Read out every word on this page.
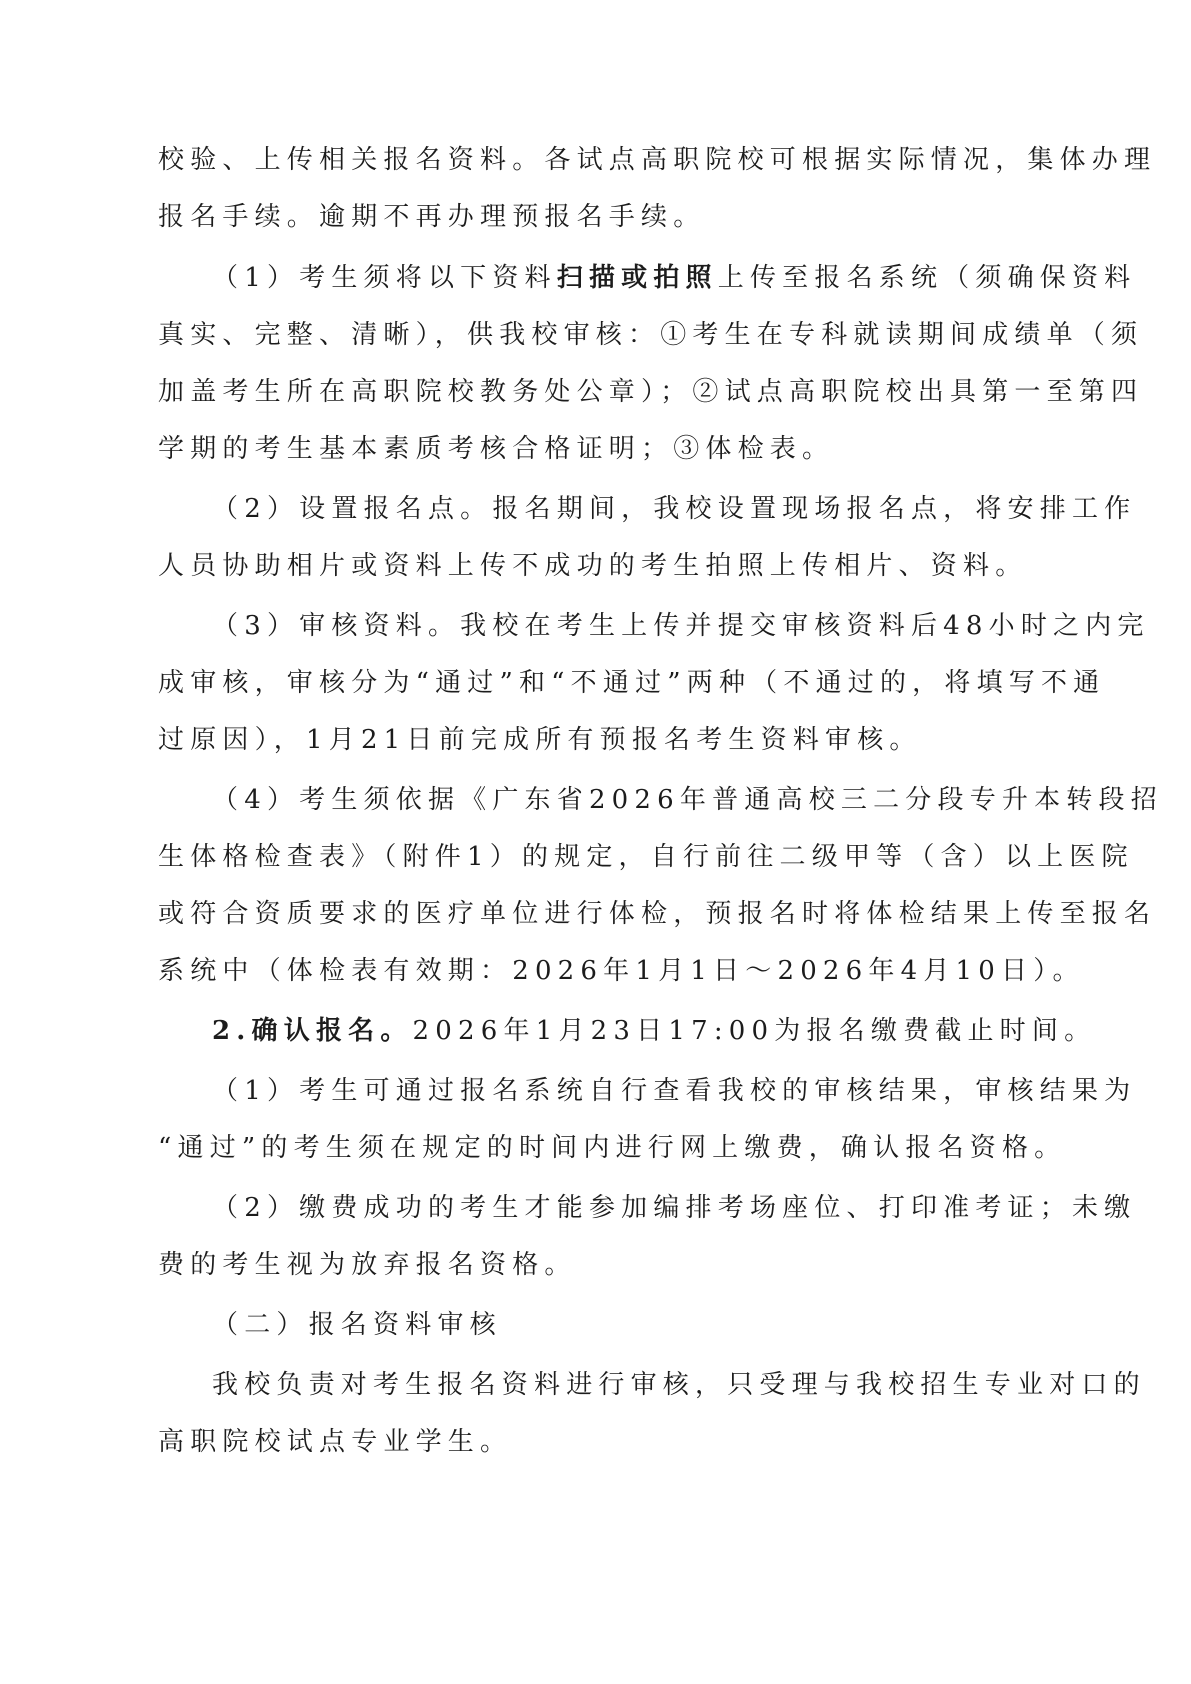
校验、上传相关报名资料。各试点高职院校可根据实际情况，集体办理
报名手续。逾期不再办理预报名手续。
（1）考生须将以下资料扫描或拍照上传至报名系统（须确保资料
真实、完整、清晰），供我校审核：①考生在专科就读期间成绩单（须
加盖考生所在高职院校教务处公章）；②试点高职院校出具第一至第四
学期的考生基本素质考核合格证明；③体检表。
（2）设置报名点。报名期间，我校设置现场报名点，将安排工作
人员协助相片或资料上传不成功的考生拍照上传相片、资料。
（3）审核资料。我校在考生上传并提交审核资料后48小时之内完
成审核，审核分为“通过”和“不通过”两种（不通过的，将填写不通
过原因），1月21日前完成所有预报名考生资料审核。
（4）考生须依据《广东省2026年普通高校三二分段专升本转段招
生体格检查表》（附件1）的规定，自行前往二级甲等（含）以上医院
或符合资质要求的医疗单位进行体检，预报名时将体检结果上传至报名
系统中（体检表有效期：2026年1月1日～2026年4月10日）。
2.确认报名。2026年1月23日17:00为报名缴费截止时间。
（1）考生可通过报名系统自行查看我校的审核结果，审核结果为
“通过”的考生须在规定的时间内进行网上缴费，确认报名资格。
（2）缴费成功的考生才能参加编排考场座位、打印准考证；未缴
费的考生视为放弃报名资格。
（二）报名资料审核
我校负责对考生报名资料进行审核，只受理与我校招生专业对口的
高职院校试点专业学生。
